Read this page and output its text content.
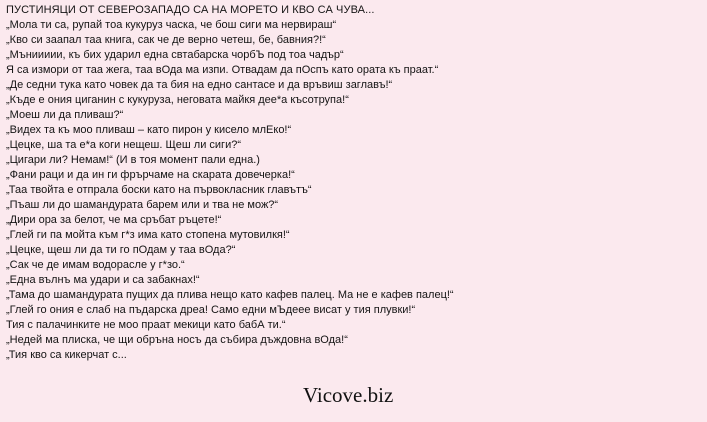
ПУСТИНЯЦИ ОТ СЕВЕРОЗАПАДО СА НА МОРЕТО И КВО СА ЧУВА...
„Мола ти са, рупай тоа кукуруз часка, че бош сиги ма нервираш“
„Кво си заапал таа книга, сак че де верно четеш, бе, бавния?!“
„Мъниииии, къ бих ударил една свтабарска чорбЪ под тоа чадър“
Я са измори от таа жега, таа вОда ма изпи. Отвадам да пОспъ като ората къ праат.“
„Де седни тука като човек да та бия на едно сантасе и да връвиш заглавъ!“
„Къде е ония циганин с кукуруза, неговата майкя дее*а късотрупа!“
„Моеш ли да пливаш?“
„Видех та къ моо пливаш – като пирон у кисело млЕко!“
„Цецке, ша та е*а коги нещеш. Щеш ли сиги?“
„Цигари ли? Немам!“ (И в тоя момент пали една.)
„Фани раци и да ин ги фрърчаме на скарата довечерка!“
„Таа твойта е отпрала боски като на първокласник главътъ“
„Пъаш ли до шамандурата барем или и тва не мож?“
„Дири ора за белот, че ма сръбат ръцете!“
„Глей ги па мойта към г*з има като стопена мутовилкя!“
„Цецке, щеш ли да ти го пОдам у таа вОда?“
„Сак че де имам водорасле у г*зо.“
„Една вълнъ ма удари и са забакнах!“
„Тама до шамандурата пущих да плива нещо като кафев палец. Ма не е кафев палец!“
„Глей го ония е слаб на пъдарска дреа! Само едни мЪдеее висат у тия плувки!“
Тия с палачинките не моо праат мекици като бабА ти.“
„Недей ма плиска, че щи обръна носъ да събира дъждовна вОда!“
„Тия кво са кикерчат с...
Vicove.biz
